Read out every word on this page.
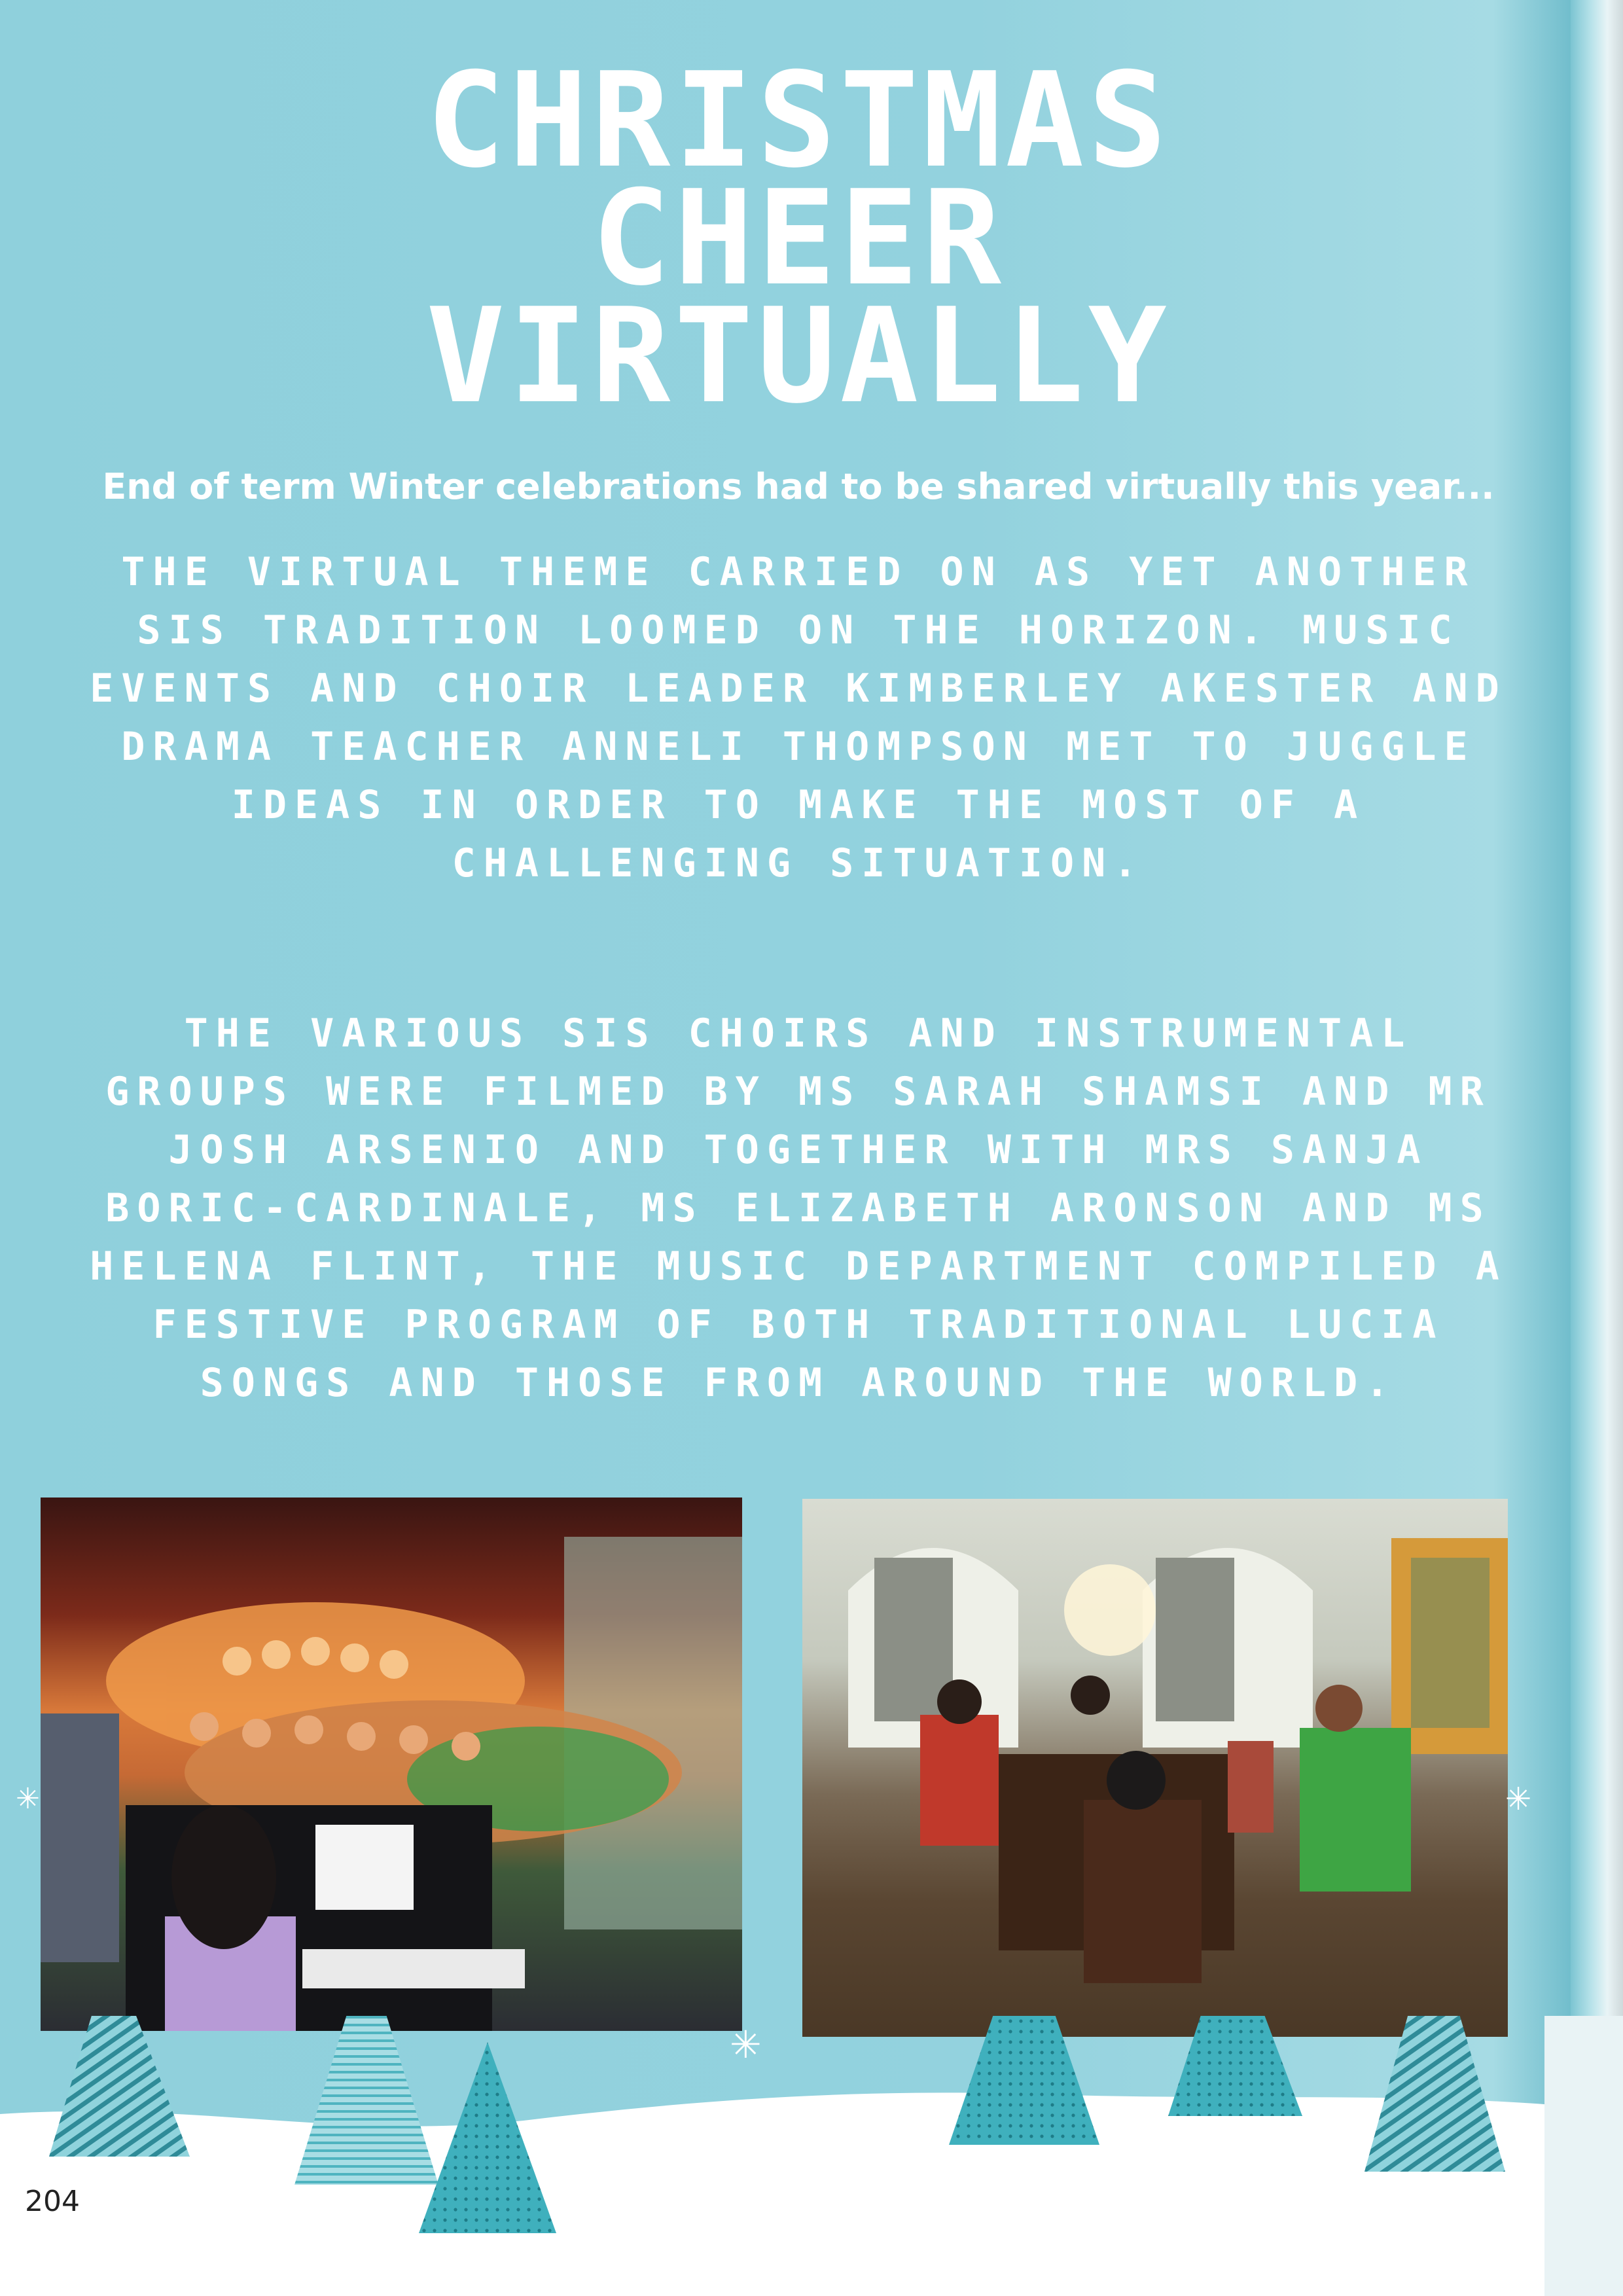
CHRISTMAS
CHEER
VIRTUALLY
End of term Winter celebrations had to be shared virtually this year...

THE VIRTUAL THEME CARRIED ON AS YET ANOTHER SIS TRADITION LOOMED ON THE HORIZON. MUSIC EVENTS AND CHOIR LEADER KIMBERLEY AKESTER AND DRAMA TEACHER ANNELI THOMPSON MET TO JUGGLE IDEAS IN ORDER TO MAKE THE MOST OF A CHALLENGING SITUATION.

THE VARIOUS SIS CHOIRS AND INSTRUMENTAL GROUPS WERE FILMED BY MS SARAH SHAMSI AND MR JOSH ARSENIO AND TOGETHER WITH MRS SANJA BORIC-CARDINALE, MS ELIZABETH ARONSON AND MS HELENA FLINT, THE MUSIC DEPARTMENT COMPILED A FESTIVE PROGRAM OF BOTH TRADITIONAL LUCIA SONGS AND THOSE FROM AROUND THE WORLD.

✳
✳	✳
204
